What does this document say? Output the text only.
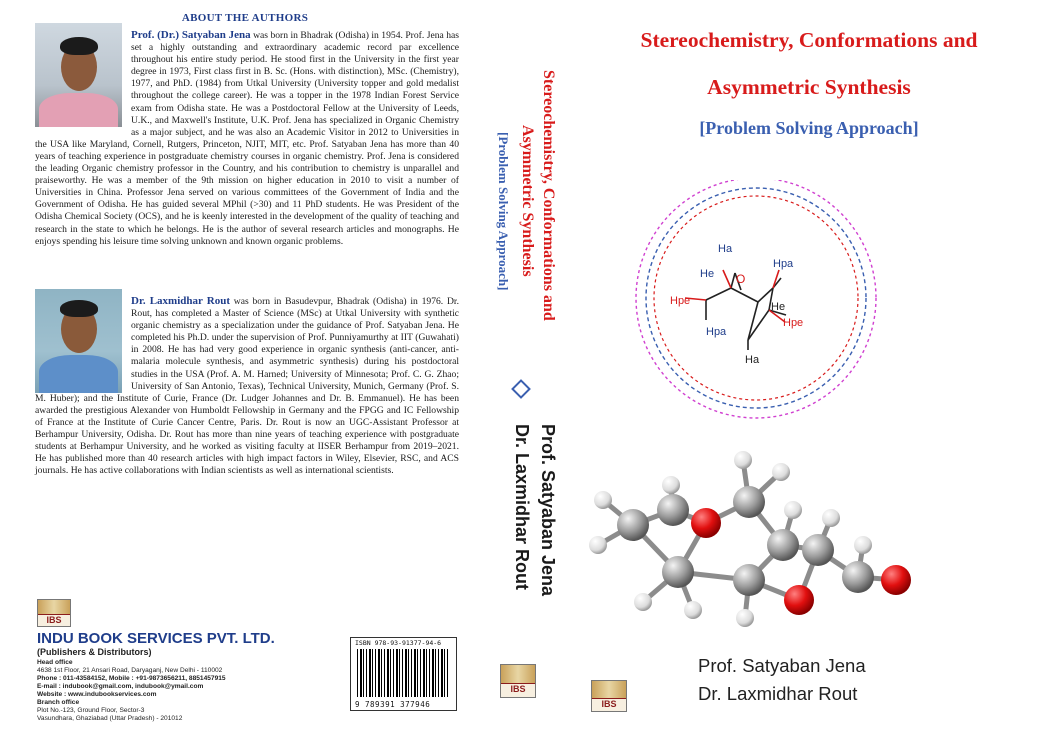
ABOUT THE AUTHORS
Prof. (Dr.) Satyaban Jena was born in Bhadrak (Odisha) in 1954. Prof. Jena has set a highly outstanding and extraordinary academic record par excellence throughout his entire study period. He stood first in the University in the first year degree in 1973, First class first in B. Sc. (Hons. with distinction), MSc. (Chemistry), 1977, and PhD. (1984) from Utkal University (University topper and gold medalist throughout the college career). He was a topper in the 1978 Indian Forest Service exam from Odisha state. He was a Postdoctoral Fellow at the University of Leeds, U.K., and Maxwell's Institute, U.K. Prof. Jena has specialized in Organic Chemistry as a major subject, and he was also an Academic Visitor in 2012 to Universities in the USA like Maryland, Cornell, Rutgers, Princeton, NJIT, MIT, etc. Prof. Satyaban Jena has more than 40 years of teaching experience in postgraduate chemistry courses in organic chemistry. Prof. Jena is considered the leading Organic chemistry professor in the Country, and his contribution to chemistry is unparallel and praiseworthy. He was a member of the 9th mission on higher education in 2010 to visit a number of Universities in China. Professor Jena served on various committees of the Government of India and the Government of Odisha. He has guided several MPhil (>30) and 11 PhD students. He was President of the Odisha Chemical Society (OCS), and he is keenly interested in the development of the quality of teaching and research in the state to which he belongs. He is the author of several research articles and monographs. He enjoys spending his leisure time solving unknown and known organic problems.
Dr. Laxmidhar Rout was born in Basudevpur, Bhadrak (Odisha) in 1976. Dr. Rout, has completed a Master of Science (MSc) at Utkal University with synthetic organic chemistry as a specialization under the guidance of Prof. Satyaban Jena. He completed his Ph.D. under the supervision of Prof. Punniyamurthy at IIT (Guwahati) in 2008. He has had very good experience in organic synthesis (anti-cancer, anti-malaria molecule synthesis, and asymmetric synthesis) during his postdoctoral studies in the USA (Prof. A. M. Harned; University of Minnesota; Prof. C. G. Zhao; University of San Antonio, Texas), Technical University, Munich, Germany (Prof. S. M. Huber); and the Institute of Curie, France (Dr. Ludger Johannes and Dr. B. Emmanuel). He has been awarded the prestigious Alexander von Humboldt Fellowship in Germany and the FPGG and IC Fellowship of France at the Institute of Curie Cancer Centre, Paris. Dr. Rout is now an UGC-Assistant Professor at Berhampur University, Odisha. Dr. Rout has more than nine years of teaching experience with postgraduate students at Berhampur University, and he worked as visiting faculty at IISER Berhampur from 2019–2021. He has published more than 40 research articles with high impact factors in Wiley, Elsevier, RSC, and ACS journals. He has active collaborations with Indian scientists as well as international scientists.
IBS
INDU BOOK SERVICES PVT. LTD.
(Publishers & Distributors)
Head office
4638 1st Floor, 21 Ansari Road, Daryaganj, New Delhi - 110002
Phone : 011-43584152, Mobile : +91-9873656211, 8851457915
E-mail : indubook@gmail.com, indubook@ymail.com
Website : www.indubookservices.com
Branch office
Plot No.-123, Ground Floor, Sector-3
Vasundhara, Ghaziabad (Uttar Pradesh) - 201012
ISBN 978-93-91377-94-6
9 789391 377946
Stereochemistry, Conformations and
Asymmetric Synthesis
[Problem Solving Approach]
Prof. Satyaban Jena
Dr. Laxmidhar Rout
IBS
Stereochemistry, Conformations and
Asymmetric Synthesis
[Problem Solving Approach]
Ha
He
Hpe
Hpa
Hpa
Hpe
He
Ha
O
Prof. Satyaban Jena
Dr. Laxmidhar Rout
IBS
